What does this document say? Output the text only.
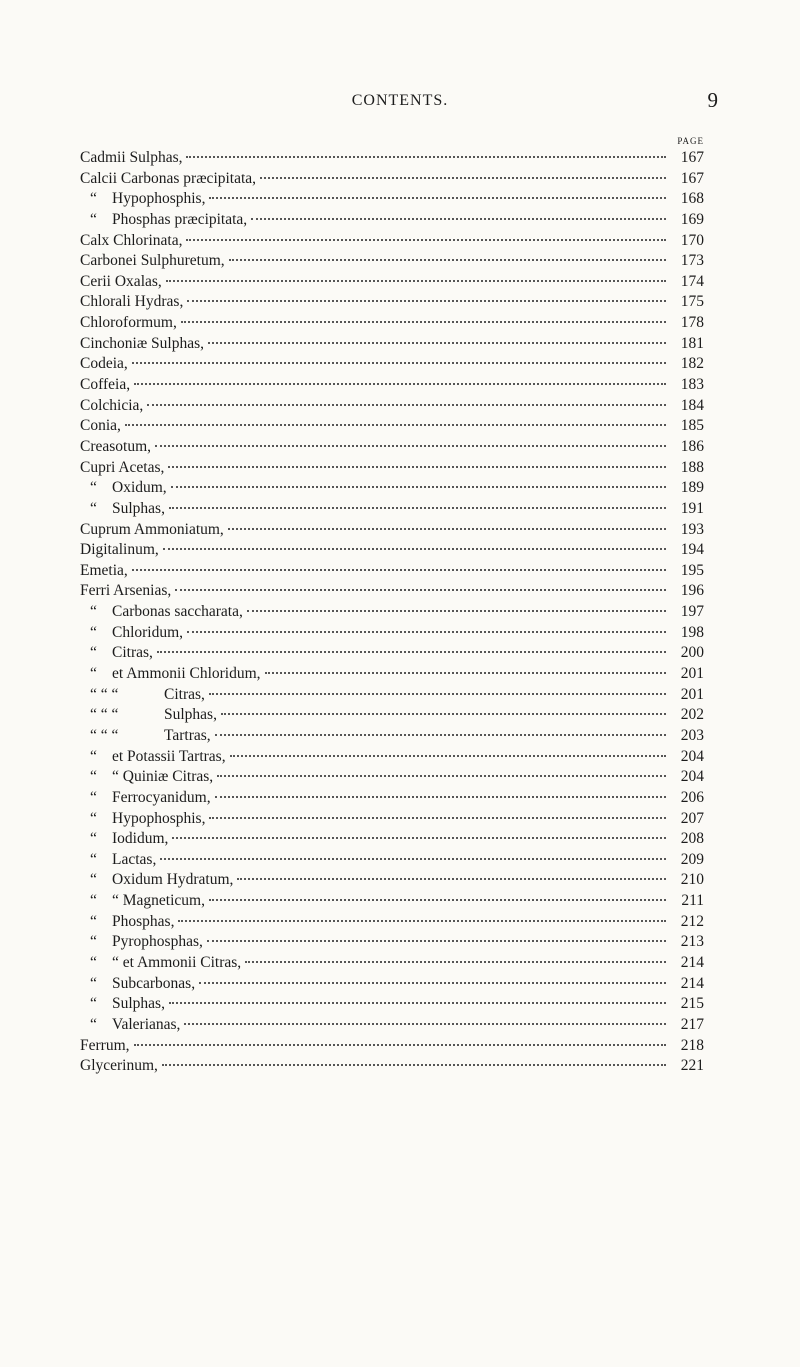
CONTENTS.	9
PAGE
Cadmii Sulphas,	167
Calcii Carbonas præcipitata,	167
“ Hypophosphis,	168
“ Phosphas præcipitata,	169
Calx Chlorinata,	170
Carbonei Sulphuretum,	173
Cerii Oxalas,	174
Chlorali Hydras,	175
Chloroformum,	178
Cinchoniæ Sulphas,	181
Codeia,	182
Coffeia,	183
Colchicia,	184
Conia,	185
Creasotum,	186
Cupri Acetas,	188
“ Oxidum,	189
“ Sulphas,	191
Cuprum Ammoniatum,	193
Digitalinum,	194
Emetia,	195
Ferri Arsenias,	196
“ Carbonas saccharata,	197
“ Chloridum,	198
“ Citras,	200
“ et Ammonii Chloridum,	201
“ “ “	Citras,	201
“ “ “	Sulphas,	202
“ “ “	Tartras,	203
“ et Potassii Tartras,	204
“ “ Quiniæ Citras,	204
“ Ferrocyanidum,	206
“ Hypophosphis,	207
“ Iodidum,	208
“ Lactas,	209
“ Oxidum Hydratum,	210
“ “ Magneticum,	211
“ Phosphas,	212
“ Pyrophosphas,	213
“ “ et Ammonii Citras,	214
“ Subcarbonas,	214
“ Sulphas,	215
“ Valerianas,	217
Ferrum,	218
Glycerinum,	221
